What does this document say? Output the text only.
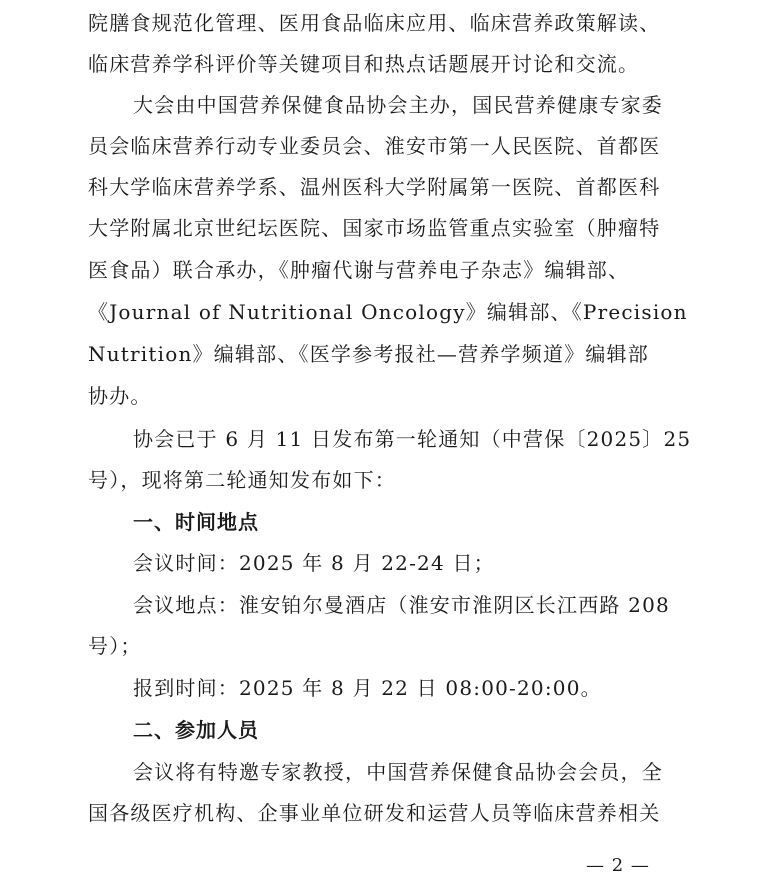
院膳食规范化管理、医用食品临床应用、临床营养政策解读、
临床营养学科评价等关键项目和热点话题展开讨论和交流。
大会由中国营养保健食品协会主办，国民营养健康专家委
员会临床营养行动专业委员会、淮安市第一人民医院、首都医
科大学临床营养学系、温州医科大学附属第一医院、首都医科
大学附属北京世纪坛医院、国家市场监管重点实验室（肿瘤特
医食品）联合承办，《肿瘤代谢与营养电子杂志》编辑部、
《Journal of Nutritional Oncology》编辑部、《Precision
Nutrition》编辑部、《医学参考报社—营养学频道》编辑部
协办。
协会已于 6 月 11 日发布第一轮通知（中营保〔2025〕25
号），现将第二轮通知发布如下：
一、时间地点
会议时间：2025 年 8 月 22-24 日；
会议地点：淮安铂尔曼酒店（淮安市淮阴区长江西路 208
号）；
报到时间：2025 年 8 月 22 日 08:00-20:00。
二、参加人员
会议将有特邀专家教授，中国营养保健食品协会会员，全
国各级医疗机构、企事业单位研发和运营人员等临床营养相关
— 2 —
